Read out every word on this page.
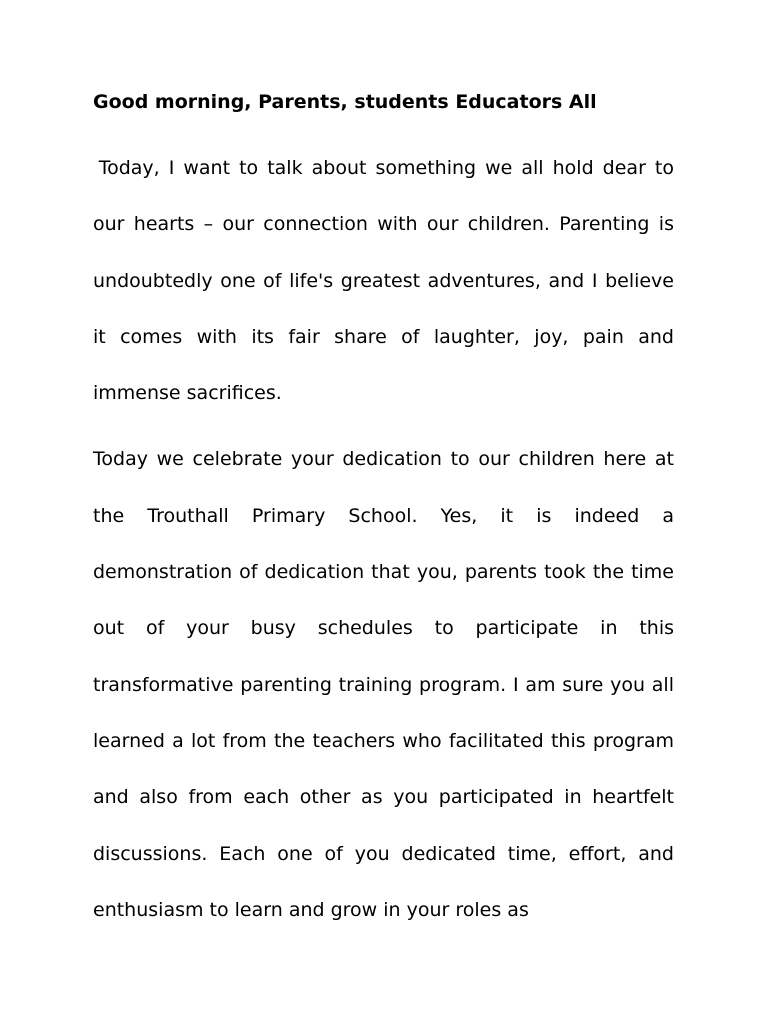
Good morning, Parents, students Educators All

Today, I want to talk about something we all hold dear to our hearts – our connection with our children. Parenting is undoubtedly one of life's greatest adventures, and I believe it comes with its fair share of laughter, joy, pain and immense sacrifices.

Today we celebrate your dedication to our children here at the Trouthall Primary School. Yes, it is indeed a demonstration of dedication that you, parents took the time out of your busy schedules to participate in this transformative parenting training program. I am sure you all learned a lot from the teachers who facilitated this program and also from each other as you participated in heartfelt discussions. Each one of you dedicated time, effort, and enthusiasm to learn and grow in your roles as
